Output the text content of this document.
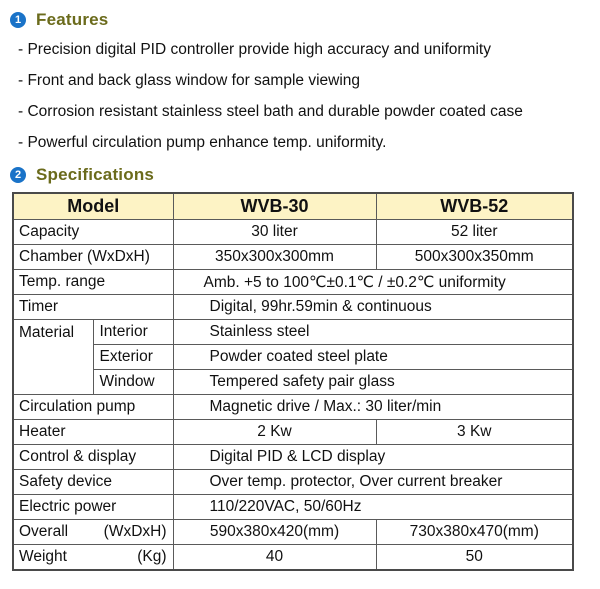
1 Features
- Precision digital PID controller provide high accuracy and uniformity
- Front and back glass window for sample viewing
- Corrosion resistant stainless steel bath and durable powder coated case
- Powerful circulation pump enhance temp. uniformity.
2 Specifications
Model		WVB-30	WVB-52
Capacity		30 liter	52 liter
Chamber (WxDxH)		350x300x300mm	500x300x350mm
Temp. range		Amb. +5 to 100℃±0.1℃ / ±0.2℃ uniformity	
Timer		Digital, 99hr.59min & continuous	
Material	Interior	Stainless steel	
	Exterior	Powder coated steel plate	
	Window	Tempered safety pair glass	
Circulation pump		Magnetic drive / Max.: 30 liter/min	
Heater		2 Kw	3 Kw
Control & display		Digital PID & LCD display	
Safety device		Over temp. protector, Over current breaker	
Electric power		110/220VAC, 50/60Hz	

Overall (WxDxH)		590x380x420(mm)	730x380x470(mm)

Weight (Kg)		40	50
